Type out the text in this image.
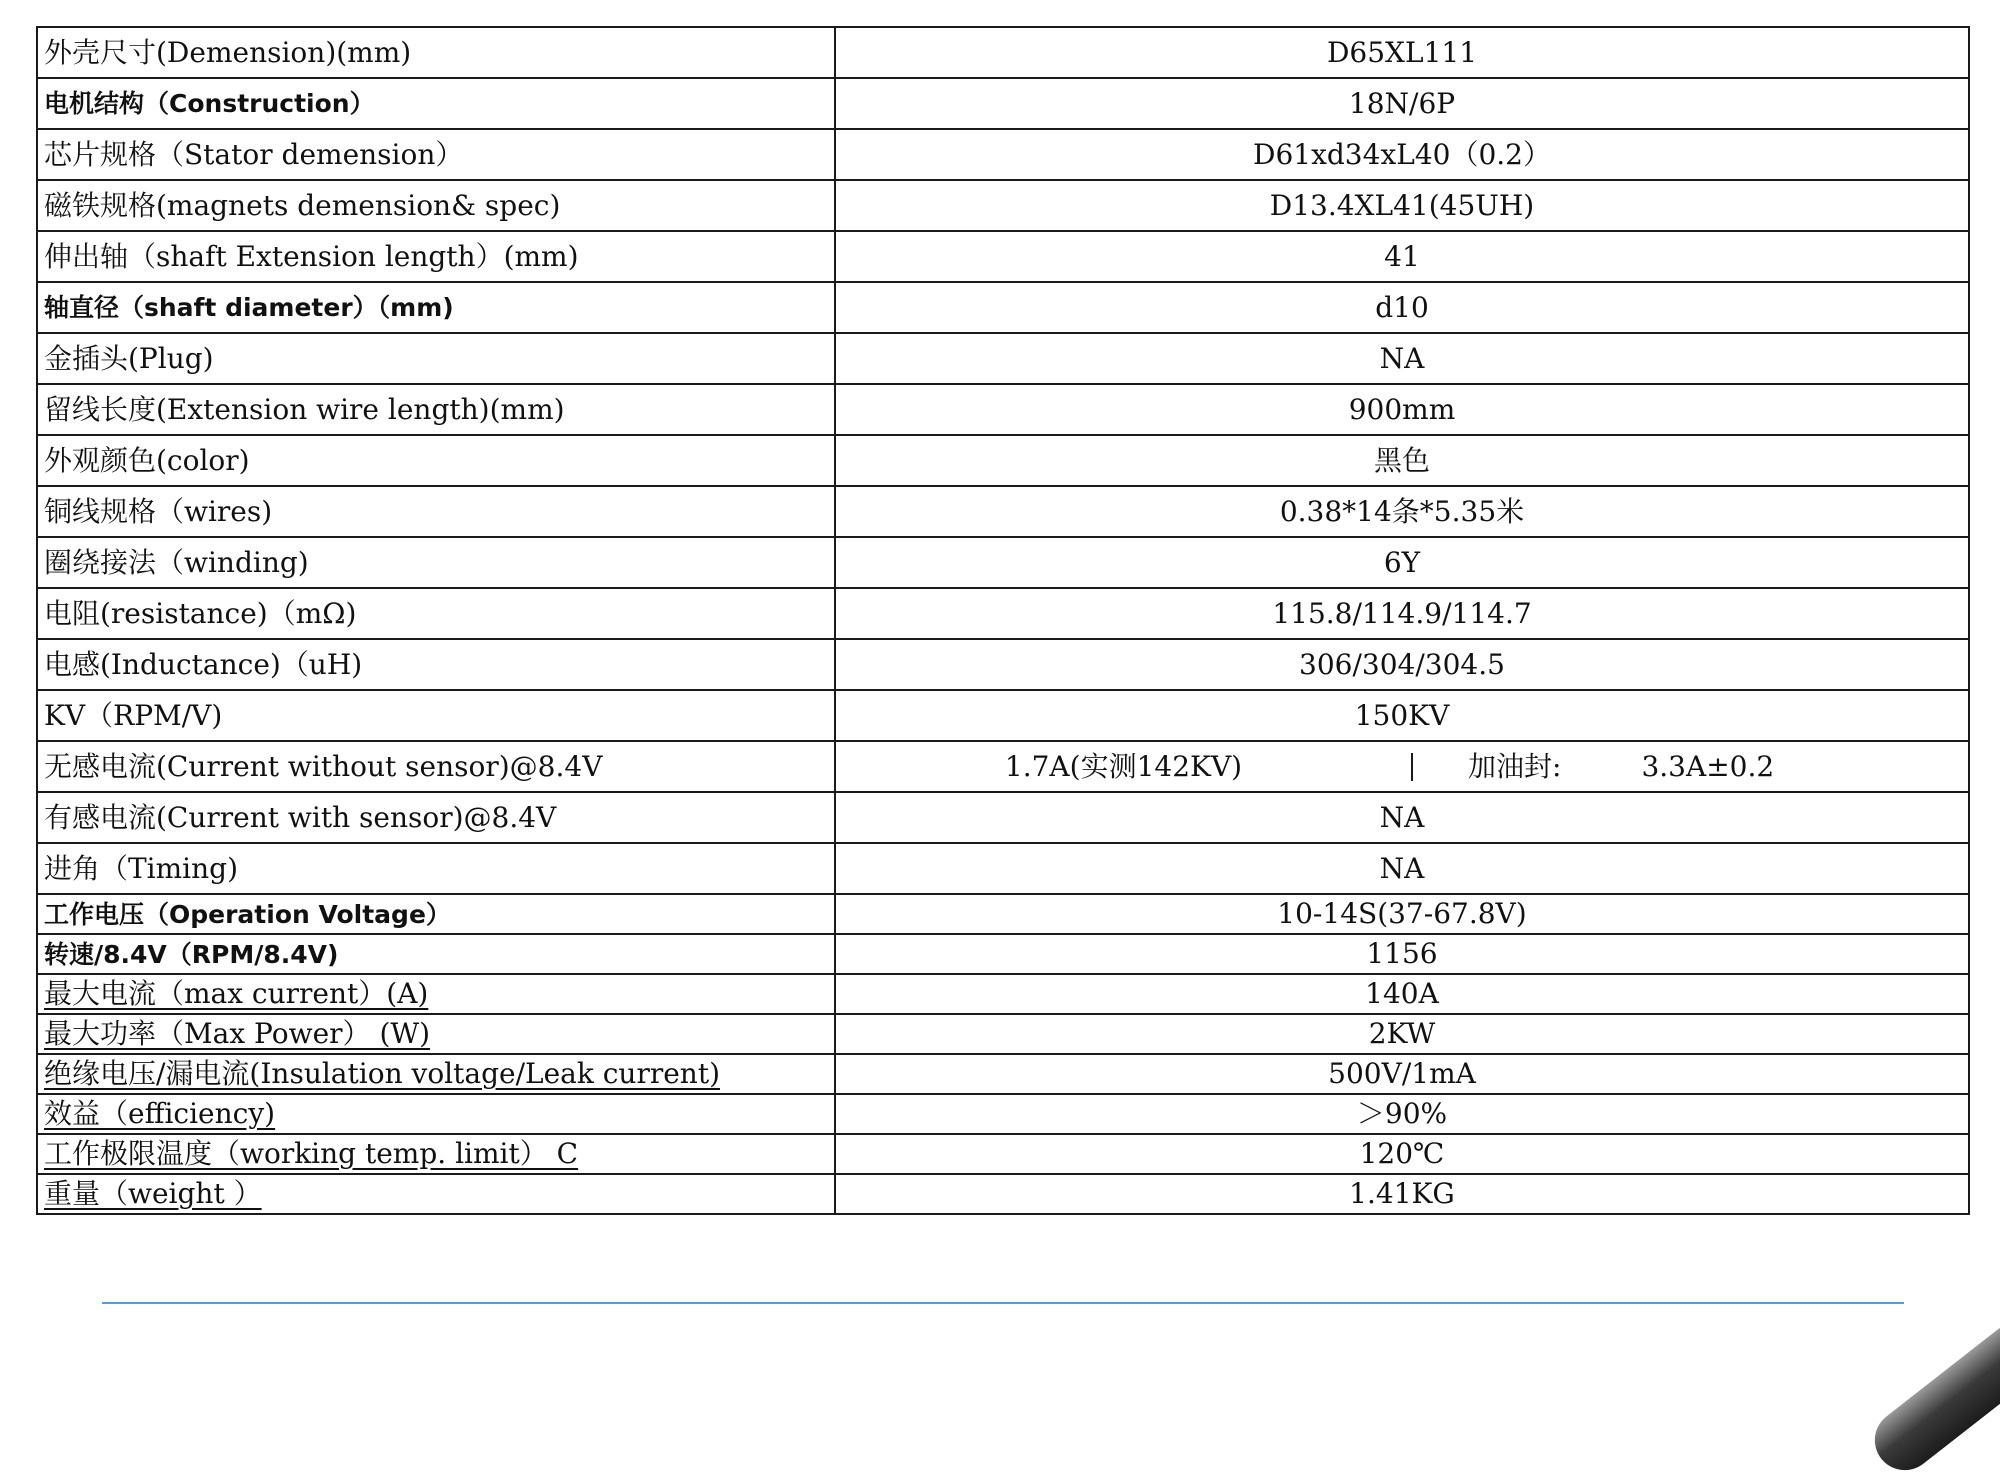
外壳尺寸(Demension)(mm)	D65XL111
电机结构（Construction）	18N/6P
芯片规格（Stator demension）	D61xd34xL40（0.2）
磁铁规格(magnets demension& spec)	D13.4XL41(45UH)
伸出轴（shaft Extension length）(mm)	41
轴直径（shaft diameter）（mm)	d10
金插头(Plug)	NA
留线长度(Extension wire length)(mm)	900mm
外观颜色(color)	黑色
铜线规格（wires)	0.38*14条*5.35米
圈绕接法（winding)	6Y
电阻(resistance)（mΩ)	115.8/114.9/114.7
电感(Inductance)（uH)	306/304/304.5
KV（RPM/V)	150KV
无感电流(Current without sensor)@8.4V	1.7A(实测142KV) 加油封: 3.3A±0.2

有感电流(Current with sensor)@8.4V	NA
进角（Timing)	NA
工作电压（Operation Voltage）	10-14S(37-67.8V)
转速/8.4V（RPM/8.4V)	1156
最大电流（max current）(A)	140A
最大功率（Max Power） (W)	2KW
绝缘电压/漏电流(Insulation voltage/Leak current)	500V/1mA
效益（efficiency)	＞90%
工作极限温度（working temp. limit） C	120℃
重量（weight ）	1.41KG
